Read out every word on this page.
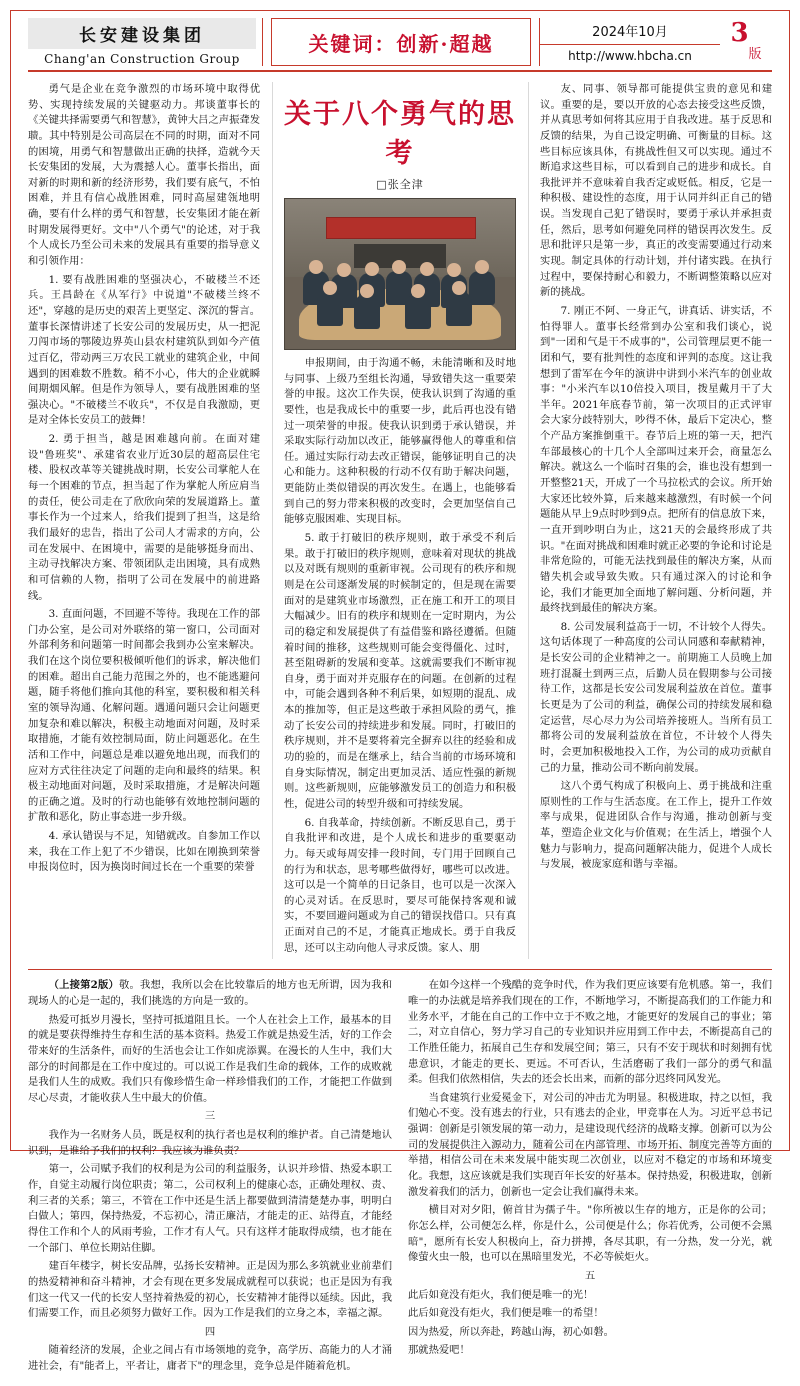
长安建设集团
Chang'an Construction Group
关键词： 创新·超越	2024年10月
http://www.hbcha.cn
3
版

勇气是企业在竞争激烈的市场环境中取得优势、实现持续发展的关键驱动力。邦谈董事长的《关键共择需要勇气和智慧》，黄钟大吕之声振聋发聩。其中特别是公司高层在不同的时期，面对不同的困境，用勇气和智慧做出正确的抉择，造就今天长安集团的发展，大为震撼人心。董事长指出，面对新的时期和新的经济形势，我们要有底气，不怕困难，并且有信心战胜困难，同时高屋建瓴地明确，要有什么样的勇气和智慧，长安集团才能在新时期发展得更好。文中"八个勇气"的论述，对于我个人成长乃至公司未来的发展具有重要的指导意义和引领作用：

1. 要有战胜困难的坚强决心，不破楼兰不还兵。王昌龄在《从军行》中说道"不破楼兰终不还"，穿越的是历史的艰苦上更坚定、深沉的誓言。董事长深情讲述了长安公司的发展历史，从一把泥刀闯市场的鄂陵边界英山县农村建筑队到如今产值过百亿，带动两三万农民工就业的建筑企业，中间遇到的困难数不胜数。稍不小心，伟大的企业就瞬间期烟风解。但是作为领导人，要有战胜困难的坚强决心。"不破楼兰不收兵"，不仅是自我激励，更是对全体长安员工的鼓舞！

2. 勇于担当，越是困难越向前。在面对建设"鲁班奖"、承建省农业厅近30层的超高层住宅楼、股权改革等关键挑战时期，长安公司掌舵人在每一个困难的节点，担当起了作为掌舵人所应肩当的责任，使公司走在了欣欣向荣的发展道路上。董事长作为一个过来人，给我们提到了担当，这是给我们最好的忠告，指出了公司人才需求的方向，公司在发展中、在困境中，需要的是能够挺身而出、主动寻找解决方案、带领团队走出困境，具有成熟和可信赖的人物，指明了公司在发展中的前进路线。

3. 直面问题，不回避不等待。我现在工作的部门办公室，是公司对外联络的第一窗口，公司面对外部利务和问题第一时间都会我到办公室来解决。我们在这个岗位要积极倾听他们的诉求，解决他们的困难。超出自己能力范围之外的，也不能逃避问题，随手将他们推向其他的科室，要积极和相关科室的领导沟通、化解问题。遇通问题只会让问题更加复杂和难以解决，积极主动地面对问题，及时采取措施，才能有效控制局面，防止问题恶化。在生活和工作中，问题总是难以避免地出现，而我们的应对方式往往决定了问题的走向和最终的结果。积极主动地面对问题，及时采取措施，才是解决问题的正确之道。及时的行动也能够有效地控制问题的扩散和恶化，防止事态进一步升级。

4. 承认错误与不足，知错就改。自参加工作以来，我在工作上犯了不少错误，比如在刚换到荣誉申报岗位时，因为换岗时间过长在一个重要的荣誉

关于八个勇气的思考
□张全津

申报期间，由于沟通不畅，未能清晰和及时地与同事、上级乃至组长沟通，导致错失这一重要荣誉的申报。这次工作失误，使我认识到了沟通的重要性，也是我成长中的重要一步，此后再也没有错过一项荣誉的申报。使我认识到勇于承认错误，并采取实际行动加以改正，能够赢得他人的尊重和信任。通过实际行动去改正错误，能够证明自己的决心和能力。这种积极的行动不仅有助于解决问题，更能防止类似错误的再次发生。在遇上，也能够看到自己的努力带来积极的改变时，会更加坚信自己能够克服困难、实现目标。

5. 敢于打破旧的秩序规则，敢于承受不利后果。敢于打破旧的秩序规则，意味着对现状的挑战以及对既有规则的重新审视。公司现有的秩序和规则是在公司逐渐发展的时候制定的，但是现在需要面对的是建筑业市场激烈，正在施工和开工的项目大幅减少。旧有的秩序和规则在一定时期内，为公司的稳定和发展提供了有益借鉴和路径遵循。但随着时间的推移，这些规则可能会变得僵化、过时，甚至阻碍新的发展和变革。这就需要我们不断审视自身，勇于面对并克服存在的问题。在创新的过程中，可能会遇到各种不利后果，如短期的混乱、成本的推加等，但正是这些敢于承担风险的勇气，推动了长安公司的持续进步和发展。同时，打破旧的秩序规则，并不是要将着完全摒弃以往的经验和成功的验的，而是在继承上，结合当前的市场环境和自身实际情况，制定出更加灵活、适应性强的新规则。这些新规则，应能够激发员工的创造力和积极性，促进公司的转型升级和可持续发展。

6. 自我革命，持续创新。不断反思自己，勇于自我批评和改进，是个人成长和进步的重要驱动力。每天或每周安排一段时间，专门用于回顾自己的行为和状态，思考哪些做得好，哪些可以改进。这可以是一个简单的日记条目，也可以是一次深入的心灵对话。在反思时，要尽可能保持客观和诚实，不要回避问题或为自己的错误找借口。只有真正面对自己的不足，才能真正地成长。勇于自我反思，还可以主动向他人寻求反馈。家人、朋

友、同事、领导都可能提供宝贵的意见和建议。重要的是，要以开放的心态去接受这些反馈，并从真思考如何将其应用于自我改进。基于反思和反馈的结果，为自己设定明确、可衡量的目标。这些目标应该具体，有挑战性但又可以实现。通过不断追求这些目标，可以看到自己的进步和成长。自我批评并不意味着自我否定或贬低。相反，它是一种积极、建设性的态度，用于认同并纠正自己的错误。当发现自己犯了错误时，要勇于承认并承担责任，然后，思考如何避免同样的错误再次发生。反思和批评只是第一步，真正的改变需要通过行动来实现。制定具体的行动计划，并付诸实践。在执行过程中，要保持耐心和毅力，不断调整策略以应对新的挑战。

7. 刚正不阿、一身正气，讲真话、讲实话，不怕得罪人。董事长经常到办公室和我们谈心，说到"一团和气是干不成事的"，公司管理层更不能一团和气，要有批判性的态度和评判的态度。这让我想到了雷军在今年的演讲中讲到小米汽车的创业故事："小米汽车以10倍投入项目，拨星戴月干了大半年。2021年底春节前，第一次项目的正式评审会大家分歧特别大，吵得不休，最后下定决心，整个产品方案推倒重干。春节后上班的第一天，把汽车部最核心的十几个人全部叫过来开会，商量怎么解决。就这么一个临时召集的会，谁也没有想到一开整整21天，开成了一个马拉松式的会议。所开始大家还比较外算，后来越来越激烈，有时候一个问题能从早上9点时吵到9点。把所有的信息放下来，一直开到吵明白为止，这21天的会最终形成了共识。"在面对挑战和困难时就正必要的争论和讨论是非常危险的，可能无法找到最佳的解决方案，从而错失机会或导致失败。只有通过深入的讨论和争论，我们才能更加全面地了解问题、分析问题，并最终找到最佳的解决方案。

8. 公司发展利益高于一切，不计较个人得失。这句话体现了一种高度的公司认同感和奉献精神，是长安公司的企业精神之一。前期施工人员晚上加班打混凝土到两三点，后勤人员在假期参与公司接待工作，这都是长安公司发展利益放在首位。董事长更是为了公司的利益，确保公司的持续发展和稳定运营，尽心尽力为公司培养接班人。当所有员工都将公司的发展利益放在首位，不计较个人得失时，会更加积极地投入工作，为公司的成功贡献自己的力量，推动公司不断向前发展。

这八个勇气构成了积极向上、勇于挑战和注重原则性的工作与生活态度。在工作上，提升工作效率与成果，促进团队合作与沟通，推动创新与变革，塑造企业文化与价值观；在生活上，增强个人魅力与影响力，提高问题解决能力，促进个人成长与发展，被庞家庭和谐与幸福。

（上接第2版）敬。我想，我所以会在比较靠后的地方也无所谓，因为我和现场人的心是一起的，我们挑选的方向是一致的。

热爱可抵岁月漫长，坚持可抵道阻且长。一个人在社会上工作，最基本的目的就是要获得维持生存和生活的基本资料。热爱工作就是热爱生活，好的工作会带来好的生活条件，而好的生活也会让工作如虎添翼。在漫长的人生中，我们大部分的时间都是在工作中度过的。可以说工作是我们生命的载体，工作的成败就是我们人生的成败。我们只有像珍惜生命一样珍惜我们的工作，才能把工作做到尽心尽责，才能收获人生中最大的价值。

三

我作为一名财务人员，既是权利的执行者也是权利的维护者。自己清楚地认识到，是谁给予我们的权利？我应该为谁负责？

第一，公司赋予我们的权利是为公司的利益服务，认识并珍惜、热爱本职工作，自觉主动履行岗位职责；第二，公司权利上的健康心态，正确处理权、责、利三者的关系；第三，不管在工作中还是生活上都要做到清清楚楚办事，明明白白做人；第四，保持热爱，不忘初心，清正廉洁，才能走的正、站得直，才能经得住工作和个人的风雨考验，工作才有人气。只有这样才能取得成绩，也才能在一个部门、单位长期站住脚。

建百年楼字，树长安品牌，弘扬长安精神。正是因为那么多筑就业业前辈们的热爱精神和奋斗精神，才会有现在更多发展成就程可以获说；也正是因为有我们这一代又一代的长安人坚持着热爱的初心，长安精神才能得以延续。因此，我们需要工作，而且必须努力做好工作。因为工作是我们的立身之本，幸福之源。

四

随着经济的发展，企业之间占有市场领地的竞争，高学历、高能力的人才涌进社会，有"能者上，平者让，庸者下"的理念里，竞争总是伴随着危机。

在如今这样一个残酷的竞争时代，作为我们更应该要有危机感。第一，我们唯一的办法就是培养我们现在的工作，不断地学习，不断提高我们的工作能力和业务水平，才能在自己的工作中立于不败之地，才能更好的发展自己的事业；第二，对立自信心，努力学习自己的专业知识并应用到工作中去，不断提高自己的工作胜任能力，拓展自己生存和发展空间；第三，只有不安于现状和时刻拥有忧患意识，才能走的更长、更远。不可否认，生活磨砺了我们一部分的勇气和温柔。但我们依然相信，失去的还会长出来，而新的部分迟终同风发光。

当食建筑行业爱冕金下，对公司的冲击尤为明显。积极进取，持之以恒，我们勉心不变。没有逃去的行业，只有逃去的企业，甲竞事在人为。习近平总书记强调：创新是引领发展的第一动力，是建设现代经济的战略支撑。创新可以为公司的发展提供注入源动力，随着公司在内部管理、市场开拓、制度完善等方面的举措，相信公司在未来发展中能实现二次创业，以应对不稳定的市场和环境变化。我想，这应该就是我们实现百年长安的好基本。保持热爱，积极进取，创新激发着我们的活力，创新也一定会让我们赢得未来。

横目对对夕阳，俯首甘为孺子牛。"你所被以生存的地方，正是你的公司；你怎么样，公司便怎么样，你是什么，公司便是什么；你若优秀，公司便不会黑暗"，愿所有长安人积极向上，奋力拼搏，各尽其职，有一分热，发一分光，就像萤火虫一般，也可以在黑暗里发光，不必等候炬火。

五

此后如竟没有炬火，我们便是唯一的光！

此后如竟没有炬火，我们便是唯一的希望！

因为热爱，所以奔赴，跨越山海，初心如磐。

那就热爱吧！
